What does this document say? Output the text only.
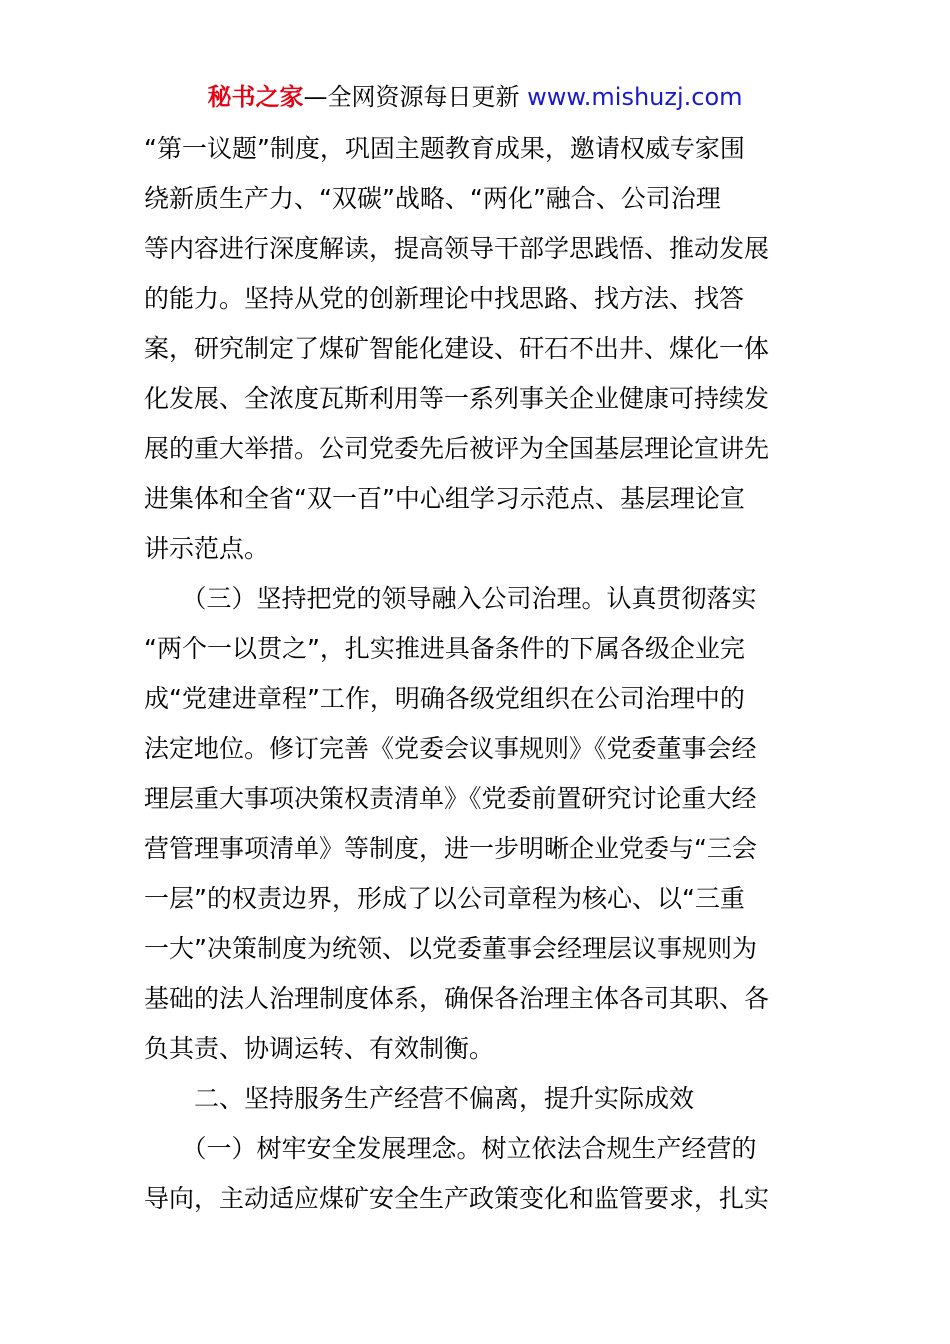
秘书之家—全网资源每日更新 www.mishuzj.com
“第一议题”制度，巩固主题教育成果，邀请权威专家围
绕新质生产力、“双碳”战略、“两化”融合、公司治理
等内容进行深度解读，提高领导干部学思践悟、推动发展
的能力。坚持从党的创新理论中找思路、找方法、找答
案，研究制定了煤矿智能化建设、矸石不出井、煤化一体
化发展、全浓度瓦斯利用等一系列事关企业健康可持续发
展的重大举措。公司党委先后被评为全国基层理论宣讲先
进集体和全省“双一百”中心组学习示范点、基层理论宣
讲示范点。
　　（三）坚持把党的领导融入公司治理。认真贯彻落实
“两个一以贯之”，扎实推进具备条件的下属各级企业完
成“党建进章程”工作，明确各级党组织在公司治理中的
法定地位。修订完善《党委会议事规则》《党委董事会经
理层重大事项决策权责清单》《党委前置研究讨论重大经
营管理事项清单》等制度，进一步明晰企业党委与“三会
一层”的权责边界，形成了以公司章程为核心、以“三重
一大”决策制度为统领、以党委董事会经理层议事规则为
基础的法人治理制度体系，确保各治理主体各司其职、各
负其责、协调运转、有效制衡。
　　二、坚持服务生产经营不偏离，提升实际成效
　　（一）树牢安全发展理念。树立依法合规生产经营的
导向，主动适应煤矿安全生产政策变化和监管要求，扎实
